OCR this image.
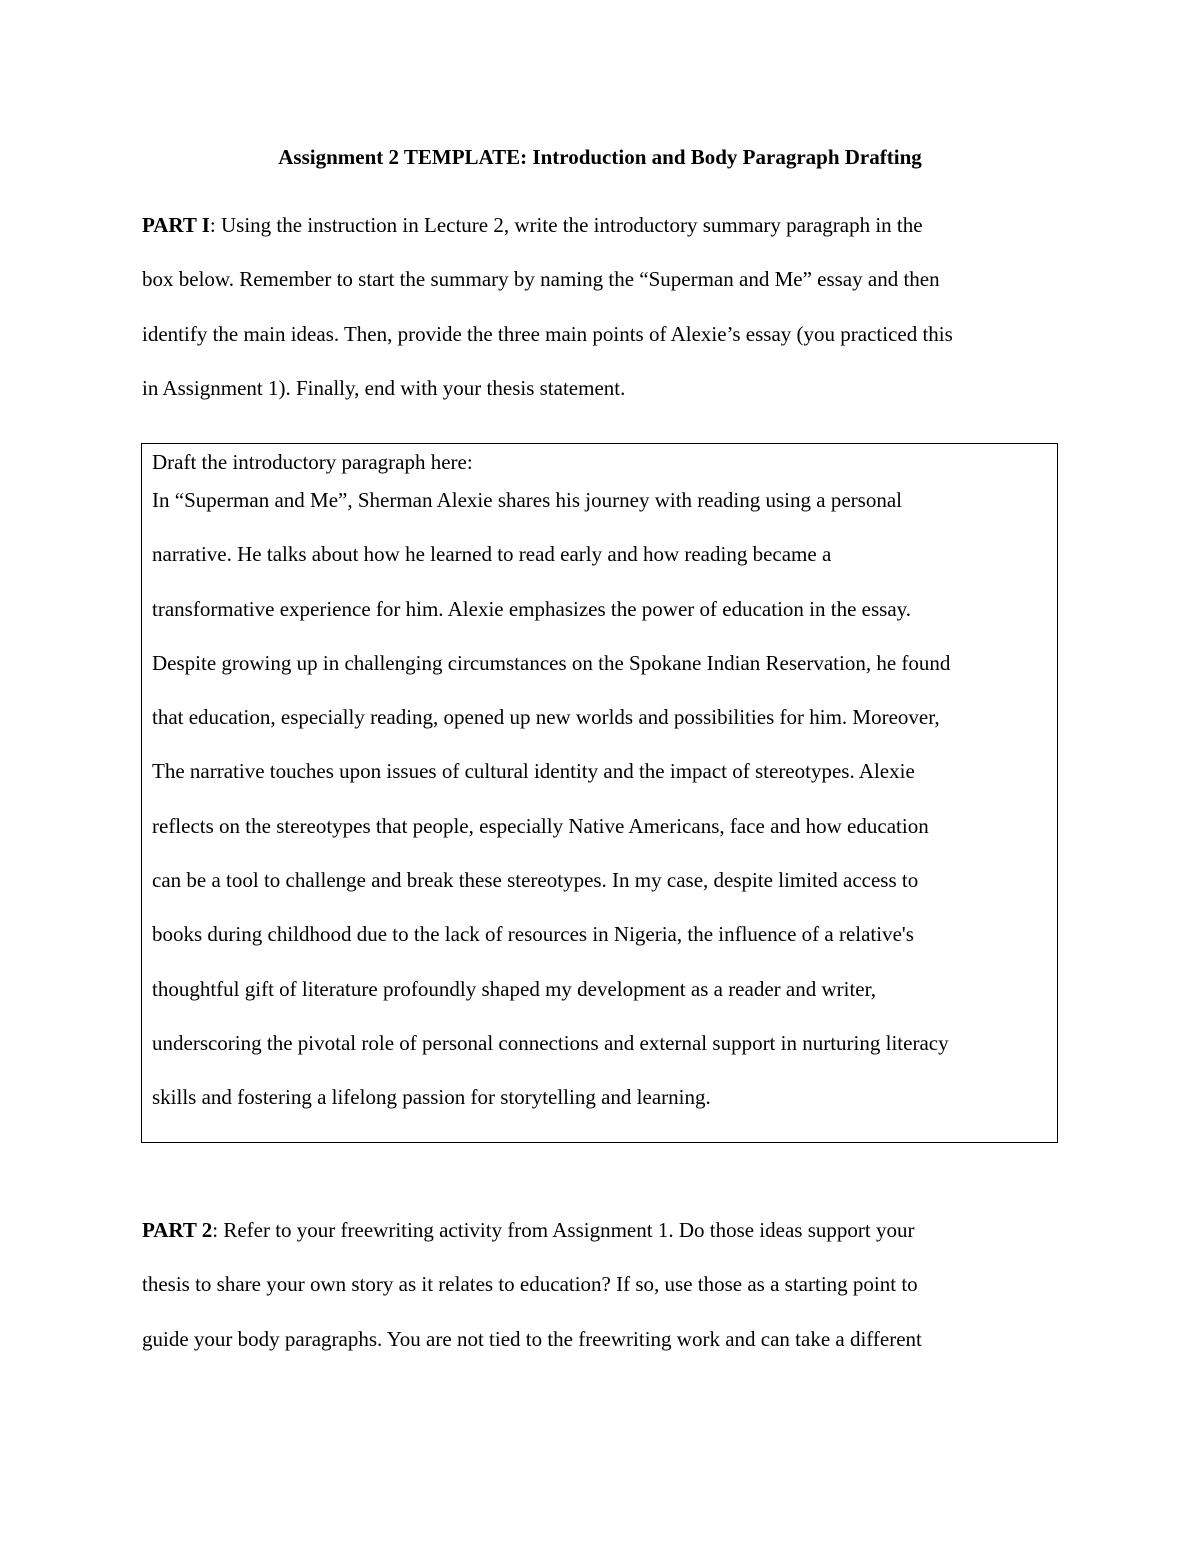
Assignment 2 TEMPLATE: Introduction and Body Paragraph Drafting
PART I: Using the instruction in Lecture 2, write the introductory summary paragraph in the
box below. Remember to start the summary by naming the “Superman and Me” essay and then
identify the main ideas. Then, provide the three main points of Alexie’s essay (you practiced this
in Assignment 1). Finally, end with your thesis statement.
Draft the introductory paragraph here:
In “Superman and Me”, Sherman Alexie shares his journey with reading using a personal
narrative. He talks about how he learned to read early and how reading became a
transformative experience for him. Alexie emphasizes the power of education in the essay.
Despite growing up in challenging circumstances on the Spokane Indian Reservation, he found
that education, especially reading, opened up new worlds and possibilities for him. Moreover,
The narrative touches upon issues of cultural identity and the impact of stereotypes. Alexie
reflects on the stereotypes that people, especially Native Americans, face and how education
can be a tool to challenge and break these stereotypes. In my case, despite limited access to
books during childhood due to the lack of resources in Nigeria, the influence of a relative's
thoughtful gift of literature profoundly shaped my development as a reader and writer,
underscoring the pivotal role of personal connections and external support in nurturing literacy
skills and fostering a lifelong passion for storytelling and learning.
PART 2: Refer to your freewriting activity from Assignment 1. Do those ideas support your
thesis to share your own story as it relates to education? If so, use those as a starting point to
guide your body paragraphs. You are not tied to the freewriting work and can take a different
